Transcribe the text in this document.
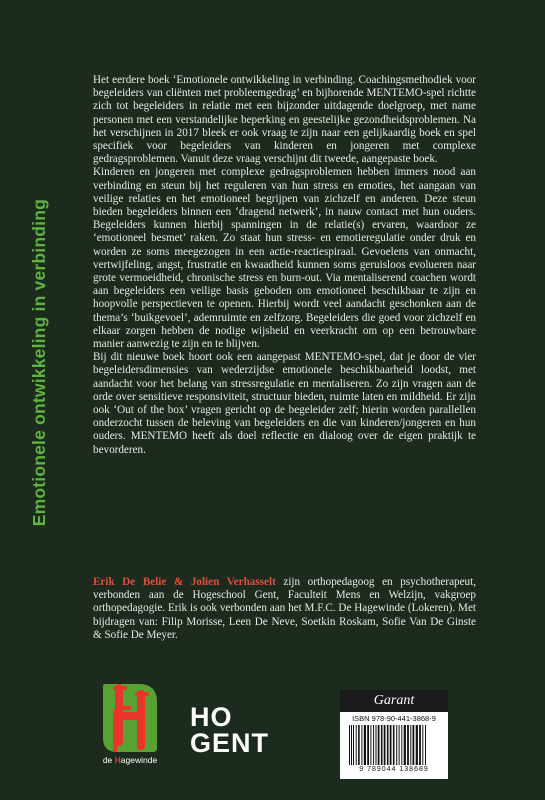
Emotionele ontwikkeling in verbinding

Het eerdere boek ‘Emotionele ontwikkeling in verbinding. Coachingsmethodiek voor begeleiders van cliënten met probleemgedrag’ en bijhorende MENTEMO-spel richtte zich tot begeleiders in relatie met een bijzonder uitdagende doelgroep, met name personen met een verstandelijke beperking en geestelijke gezondheidsproblemen. Na het verschijnen in 2017 bleek er ook vraag te zijn naar een gelijkaardig boek en spel specifiek voor begeleiders van kinderen en jongeren met complexe gedragsproblemen. Vanuit deze vraag verschijnt dit tweede, aangepaste boek.

Kinderen en jongeren met complexe gedragsproblemen hebben immers nood aan verbinding en steun bij het reguleren van hun stress en emoties, het aangaan van veilige relaties en het emotioneel begrijpen van zichzelf en anderen. Deze steun bieden begeleiders binnen een ‘dragend netwerk’, in nauw contact met hun ouders. Begeleiders kunnen hierbij spanningen in de relatie(s) ervaren, waardoor ze ‘emotioneel besmet’ raken. Zo staat hun stress- en emotieregulatie onder druk en worden ze soms meegezogen in een actie-reactiespiraal. Gevoelens van onmacht, vertwijfeling, angst, frustratie en kwaadheid kunnen soms geruisloos evolueren naar grote vermoeidheid, chronische stress en burn-out. Via mentaliserend coachen wordt aan begeleiders een veilige basis geboden om emotioneel beschikbaar te zijn en hoopvolle perspectieven te openen. Hierbij wordt veel aandacht geschonken aan de thema’s ‘buikgevoel’, ademruimte en zelfzorg. Begeleiders die goed voor zichzelf en elkaar zorgen hebben de nodige wijsheid en veerkracht om op een betrouwbare manier aanwezig te zijn en te blijven.

Bij dit nieuwe boek hoort ook een aangepast MENTEMO-spel, dat je door de vier begeleidersdimensies van wederzijdse emotionele beschikbaarheid loodst, met aandacht voor het belang van stressregulatie en mentaliseren. Zo zijn vragen aan de orde over sensitieve responsiviteit, structuur bieden, ruimte laten en mildheid. Er zijn ook ‘Out of the box’ vragen gericht op de begeleider zelf; hierin worden parallellen onderzocht tussen de beleving van begeleiders en die van kinderen/jongeren en hun ouders. MENTEMO heeft als doel reflectie en dialoog over de eigen praktijk te bevorderen.

Erik De Belie & Jolien Verhasselt zijn orthopedagoog en psychotherapeut, verbonden aan de Hogeschool Gent, Faculteit Mens en Welzijn, vakgroep orthopedagogie. Erik is ook verbonden aan het M.F.C. De Hagewinde (Lokeren). Met bijdragen van: Filip Morisse, Leen De Neve, Soetkin Roskam, Sofie Van De Ginste & Sofie De Meyer.

de Hagewinde
HO
GENT
Garant
ISBN 978-90-441-3868-9
9 789044 138689
